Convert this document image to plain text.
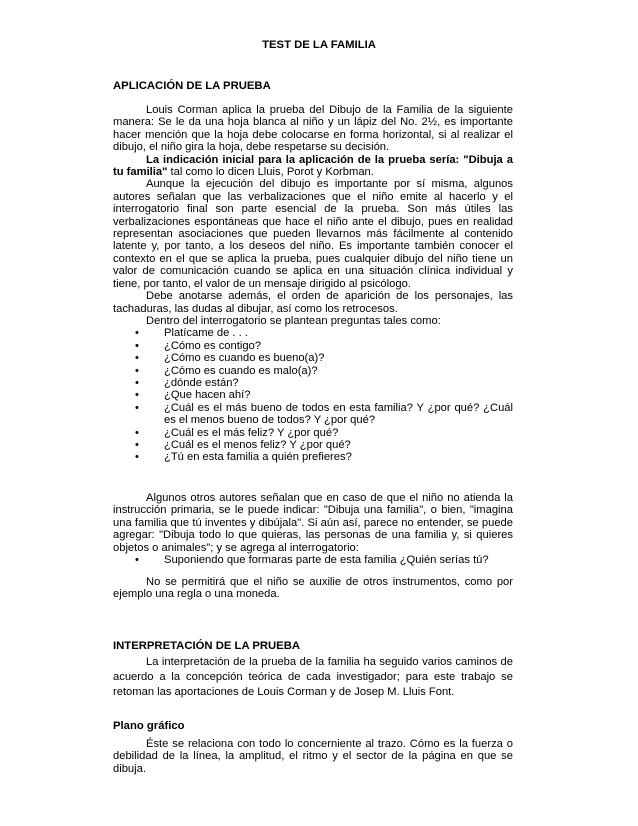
TEST DE LA FAMILIA
APLICACIÓN DE LA PRUEBA

Louis Corman aplica la prueba del Dibujo de la Familia de la siguiente manera: Se le da una hoja blanca al niño y un lápiz del No. 2½, es importante hacer mención que la hoja debe colocarse en forma horizontal, si al realizar el dibujo, el niño gira la hoja, debe respetarse su decisión.

La indicación inicial para la aplicación de la prueba sería: "Dibuja a tu familia" tal como lo dicen Lluis, Porot y Korbman.

Aunque la ejecución del dibujo es importante por sí misma, algunos autores señalan que las verbalizaciones que el niño emite al hacerlo y el interrogatorio final son parte esencial de la prueba. Son más útiles las verbalizaciones espontáneas que hace el niño ante el dibujo, pues en realidad representan asociaciones que pueden llevarnos más fácilmente al contenido latente y, por tanto, a los deseos del niño. Es importante también conocer el contexto en el que se aplica la prueba, pues cualquier dibujo del niño tiene un valor de comunicación cuando se aplica en una situación clínica individual y tiene, por tanto, el valor de un mensaje dirigido al psicólogo.

Debe anotarse además, el orden de aparición de los personajes, las tachaduras, las dudas al dibujar, así como los retrocesos.

Dentro del interrogatorio se plantean preguntas tales como:

• Platícame de . . .
• ¿Cómo es contigo?
• ¿Cómo es cuando es bueno(a)?
• ¿Cómo es cuando es malo(a)?
• ¿dónde están?
• ¿Que hacen ahí?
• ¿Cuál es el más bueno de todos en esta familia? Y ¿por qué? ¿Cuál es el menos bueno de todos? Y ¿por qué?
• ¿Cuál es el más feliz? Y ¿por qué?
• ¿Cuál es el menos feliz? Y ¿por qué?
• ¿Tú en esta familia a quién prefieres?

Algunos otros autores señalan que en caso de que el niño no atienda la instrucción primaria, se le puede indicar: "Dibuja una familia", o bien, "imagina una familia que tú inventes y dibújala". Si aún así, parece no entender, se puede agregar: "Dibuja todo lo que quieras, las personas de una familia y, si quieres objetos o animales"; y se agrega al interrogatorio:

• Suponiendo que formaras parte de esta familia ¿Quién serías tú?

No se permitirá que el niño se auxilie de otros instrumentos, como por ejemplo una regla o una moneda.

INTERPRETACIÓN DE LA PRUEBA

La interpretación de la prueba de la familia ha seguido varios caminos de acuerdo a la concepción teórica de cada investigador; para este trabajo se retoman las aportaciones de Louis Corman y de Josep M. Lluis Font.

Plano gráfico

Éste se relaciona con todo lo concerniente al trazo. Cómo es la fuerza o debilidad de la línea, la amplitud, el ritmo y el sector de la página en que se dibuja.
